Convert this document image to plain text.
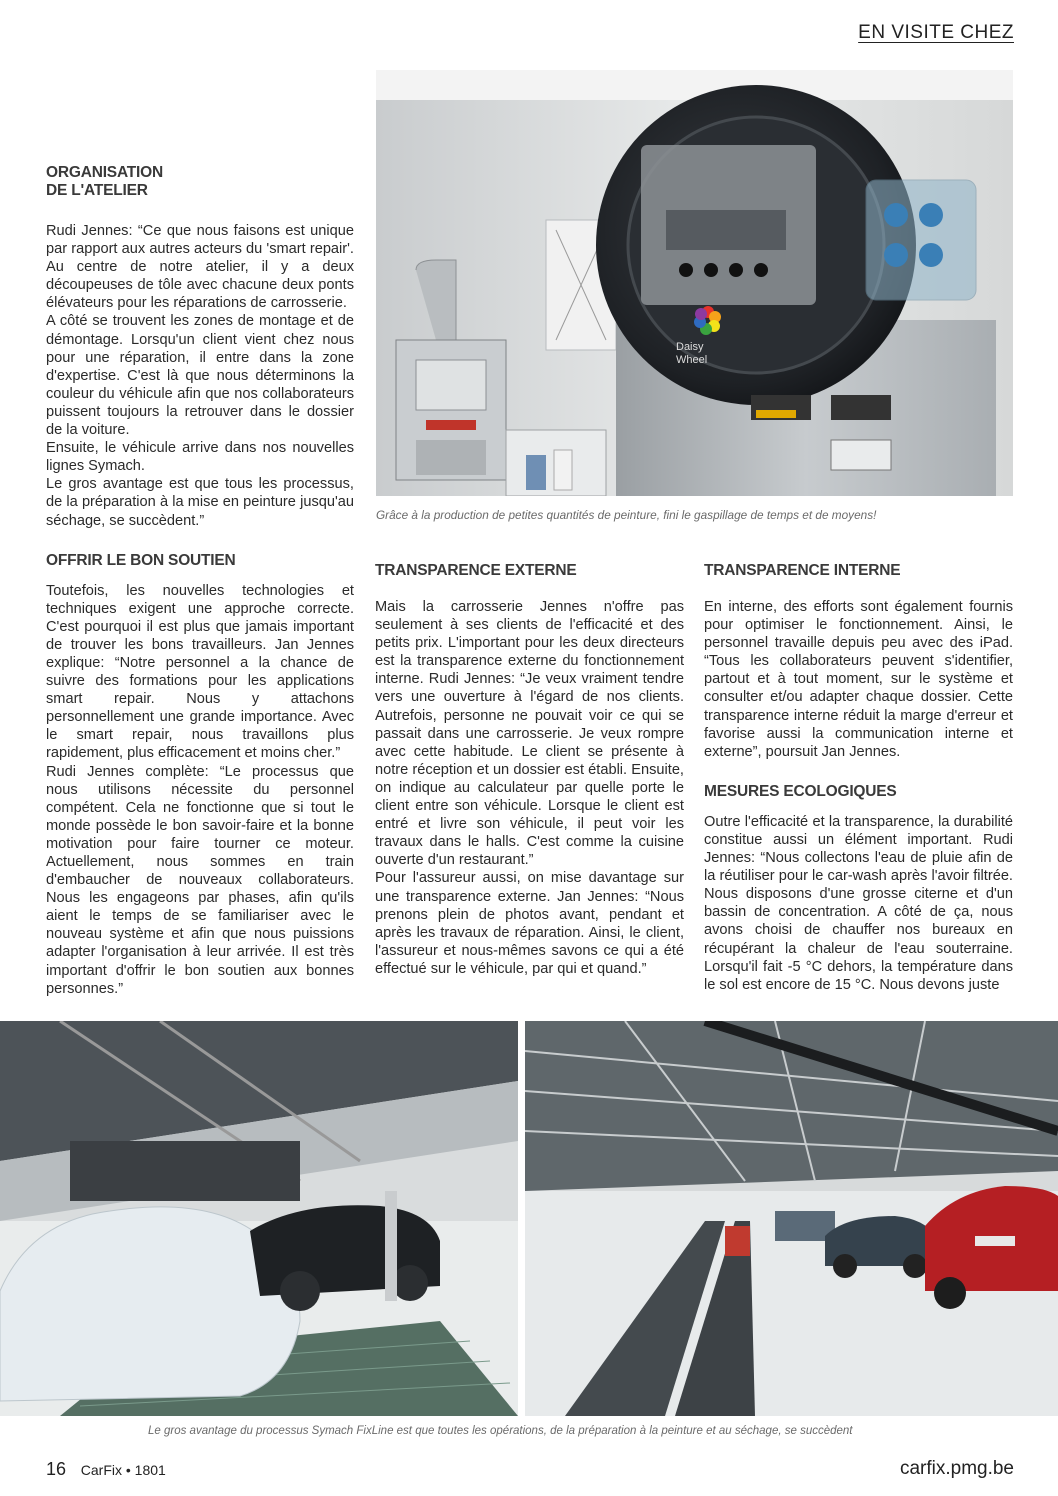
EN VISITE CHEZ
Daisy
Wheel
Grâce à la production de petites quantités de peinture, fini le gaspillage de temps et de moyens!
ORGANISATION
DE L'ATELIER

Rudi Jennes: “Ce que nous faisons est unique par rapport aux autres acteurs du 'smart repair'. Au centre de notre atelier, il y a deux découpeuses de tôle avec chacune deux ponts élévateurs pour les réparations de carrosserie.

A côté se trouvent les zones de montage et de démontage. Lorsqu'un client vient chez nous pour une réparation, il entre dans la zone d'expertise. C'est là que nous déterminons la couleur du véhicule afin que nos collaborateurs puissent toujours la retrouver dans le dossier de la voiture.

Ensuite, le véhicule arrive dans nos nouvelles lignes Symach.

Le gros avantage est que tous les processus, de la préparation à la mise en peinture jusqu'au séchage, se succèdent.”

OFFRIR LE BON SOUTIEN

Toutefois, les nouvelles technologies et techniques exigent une approche correcte. C'est pourquoi il est plus que jamais important de trouver les bons travailleurs. Jan Jennes explique: “Notre personnel a la chance de suivre des formations pour les applications smart repair. Nous y attachons personnellement une grande importance. Avec le smart repair, nous travaillons plus rapidement, plus efficacement et moins cher.”

Rudi Jennes complète: “Le processus que nous utilisons nécessite du personnel compétent. Cela ne fonctionne que si tout le monde possède le bon savoir-faire et la bonne motivation pour faire tourner ce moteur. Actuellement, nous sommes en train d'embaucher de nouveaux collaborateurs. Nous les engageons par phases, afin qu'ils aient le temps de se familiariser avec le nouveau système et afin que nous puissions adapter l'organisation à leur arrivée. Il est très important d'offrir le bon soutien aux bonnes personnes.”

TRANSPARENCE EXTERNE

Mais la carrosserie Jennes n'offre pas seulement à ses clients de l'efficacité et des petits prix. L'important pour les deux directeurs est la transparence externe du fonctionnement interne. Rudi Jennes: “Je veux vraiment tendre vers une ouverture à l'égard de nos clients. Autrefois, personne ne pouvait voir ce qui se passait dans une carrosserie. Je veux rompre avec cette habitude. Le client se présente à notre réception et un dossier est établi. Ensuite, on indique au calculateur par quelle porte le client entre son véhicule. Lorsque le client est entré et livre son véhicule, il peut voir les travaux dans le halls. C'est comme la cuisine ouverte d'un restaurant.”

Pour l'assureur aussi, on mise davantage sur une transparence externe. Jan Jennes: “Nous prenons plein de photos avant, pendant et après les travaux de réparation. Ainsi, le client, l'assureur et nous-mêmes savons ce qui a été effectué sur le véhicule, par qui et quand.”

TRANSPARENCE INTERNE

En interne, des efforts sont également fournis pour optimiser le fonctionnement. Ainsi, le personnel travaille depuis peu avec des iPad. “Tous les collaborateurs peuvent s'identifier, partout et à tout moment, sur le système et consulter et/ou adapter chaque dossier. Cette transparence interne réduit la marge d'erreur et favorise aussi la communication interne et externe”, poursuit Jan Jennes.

MESURES ECOLOGIQUES

Outre l'efficacité et la transparence, la durabilité constitue aussi un élément important. Rudi Jennes: “Nous collectons l'eau de pluie afin de la réutiliser pour le car-wash après l'avoir filtrée. Nous disposons d'une grosse citerne et d'un bassin de concentration. A côté de ça, nous avons choisi de chauffer nos bureaux en récupérant la chaleur de l'eau souterraine. Lorsqu'il fait -5 °C dehors, la température dans le sol est encore de 15 °C. Nous devons juste

Le gros avantage du processus Symach FixLine est que toutes les opérations, de la préparation à la peinture et au séchage, se succèdent
16 CarFix • 1801	carfix.pmg.be
